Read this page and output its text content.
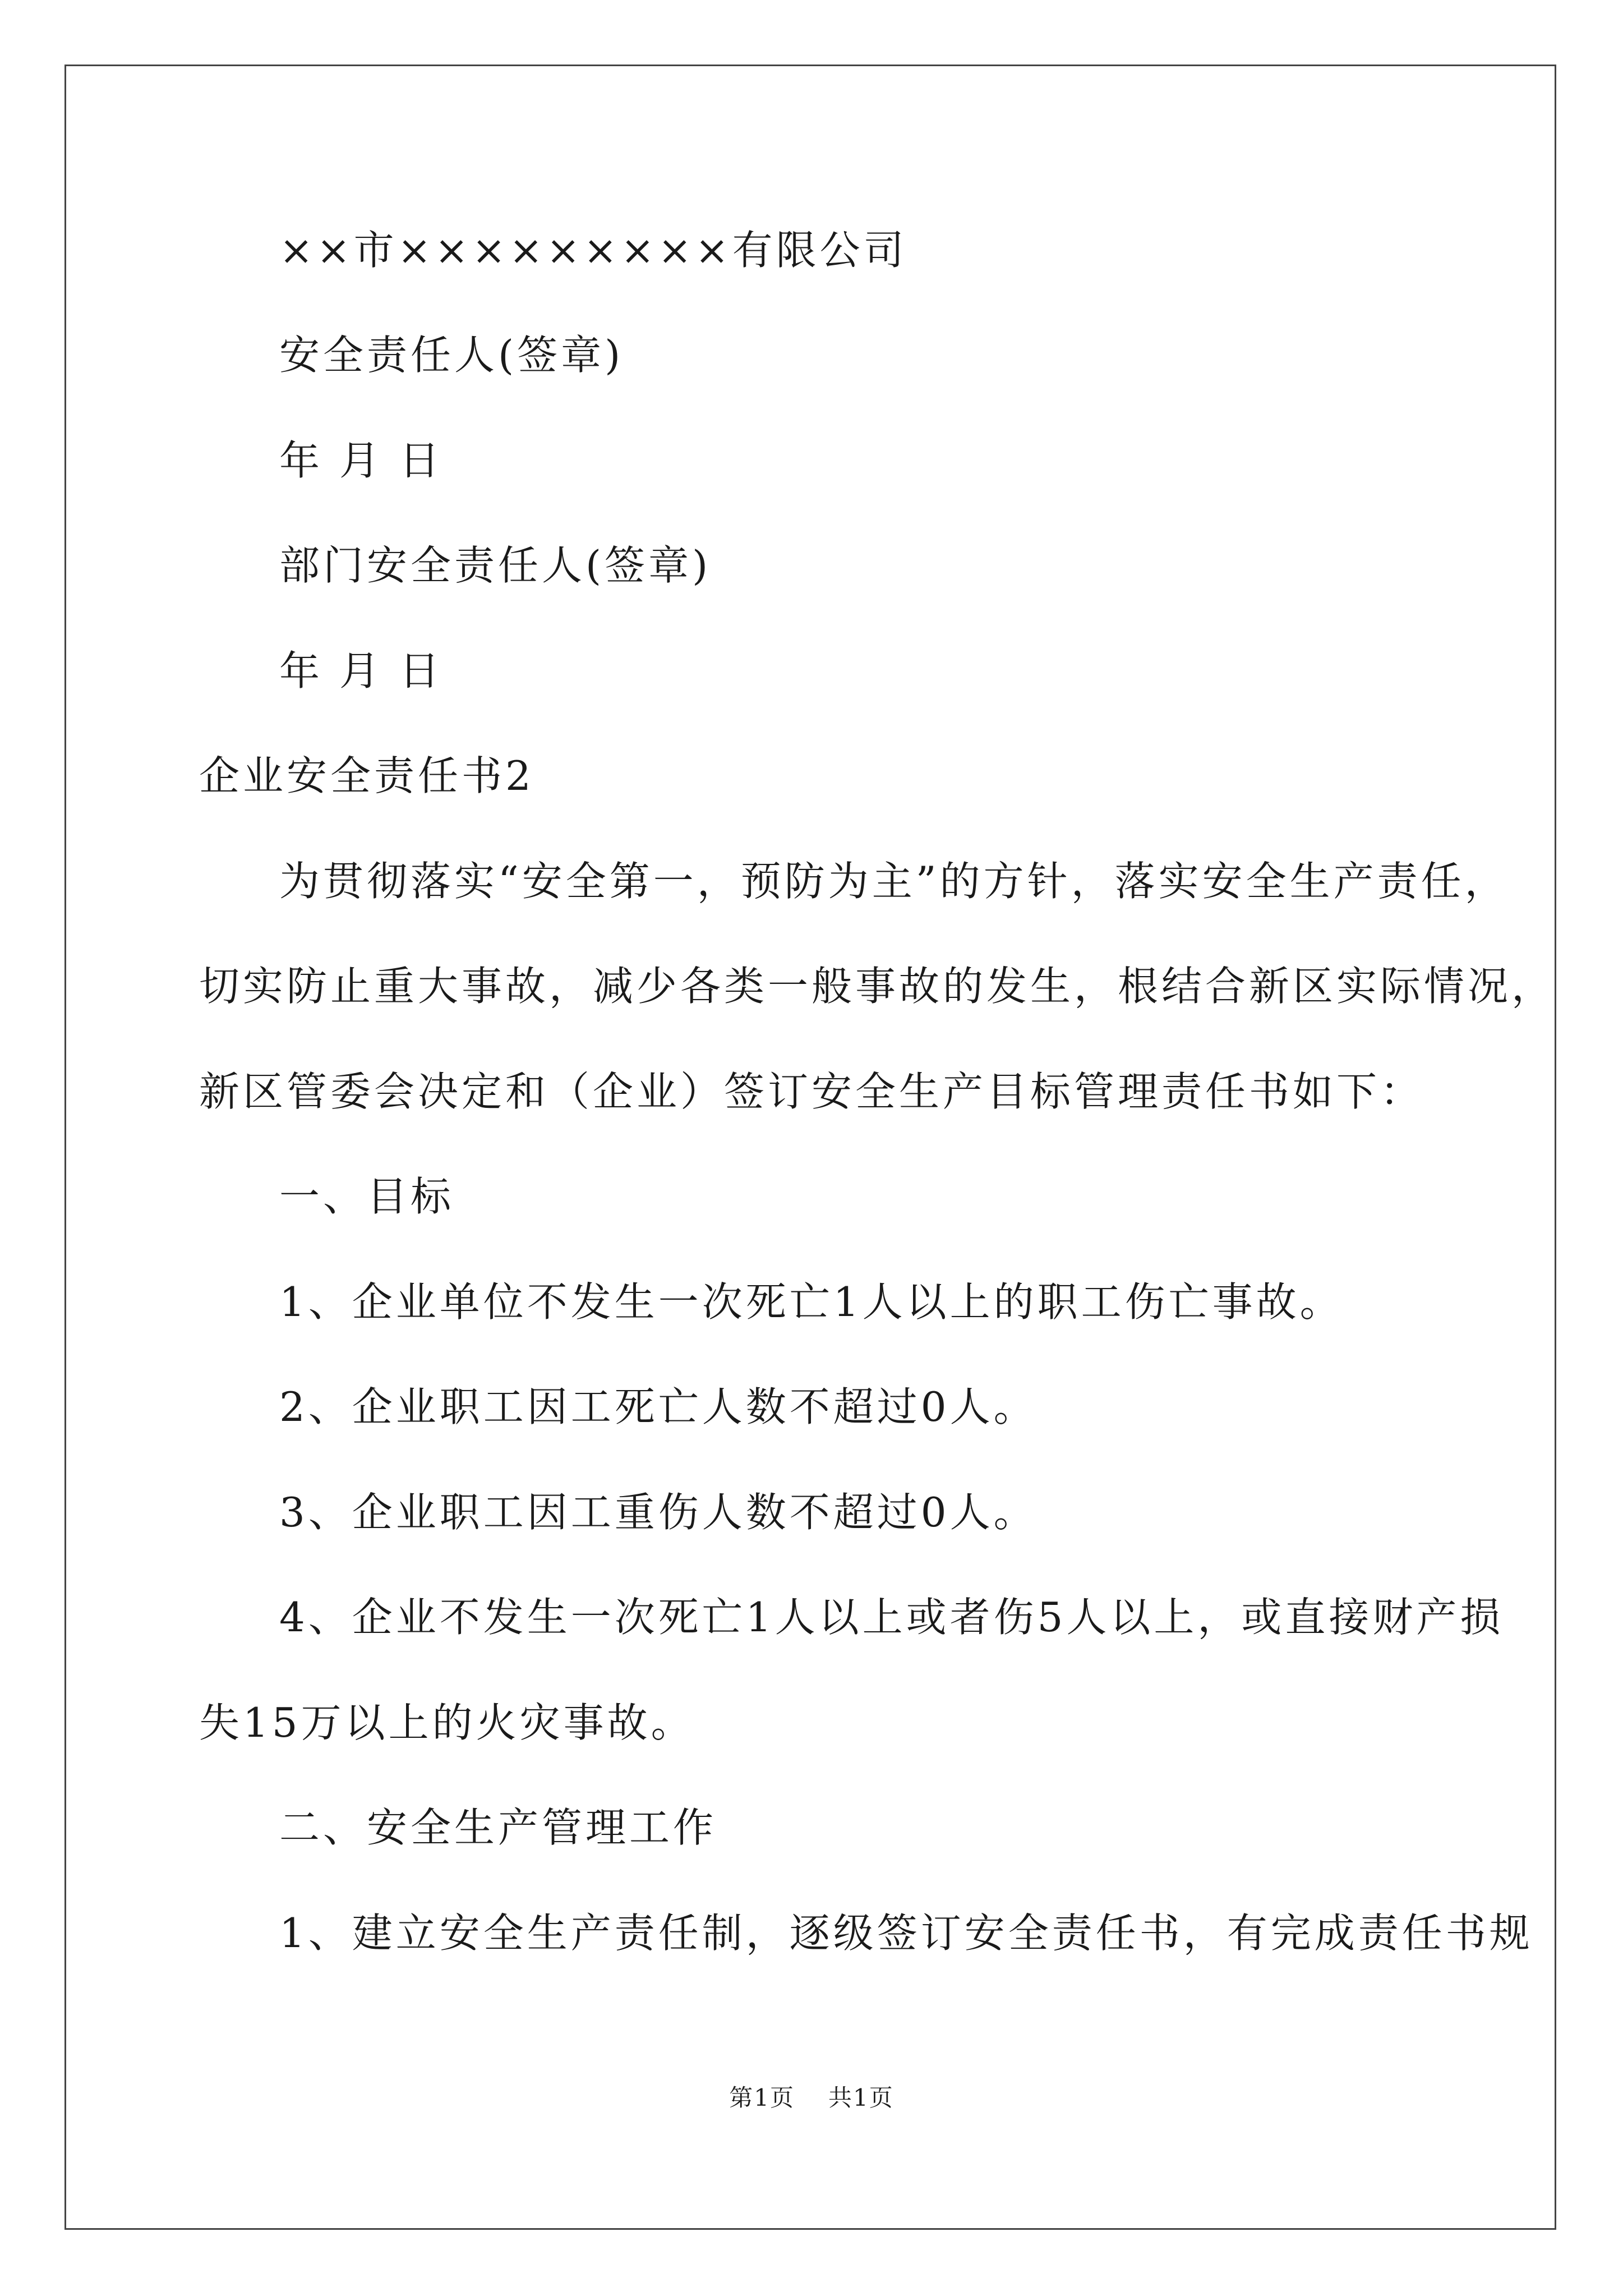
××市×××××××××有限公司
安全责任人(签章)
年 月 日
部门安全责任人(签章)
年 月 日
企业安全责任书2
为贯彻落实“安全第一，预防为主”的方针，落实安全生产责任，
切实防止重大事故，减少各类一般事故的发生，根结合新区实际情况，
新区管委会决定和（企业）签订安全生产目标管理责任书如下：
一、目标
1、企业单位不发生一次死亡1人以上的职工伤亡事故。
2、企业职工因工死亡人数不超过0人。
3、企业职工因工重伤人数不超过0人。
4、企业不发生一次死亡1人以上或者伤5人以上，或直接财产损
失15万以上的火灾事故。
二、安全生产管理工作
1、建立安全生产责任制，逐级签订安全责任书，有完成责任书规
第1页 共1页
